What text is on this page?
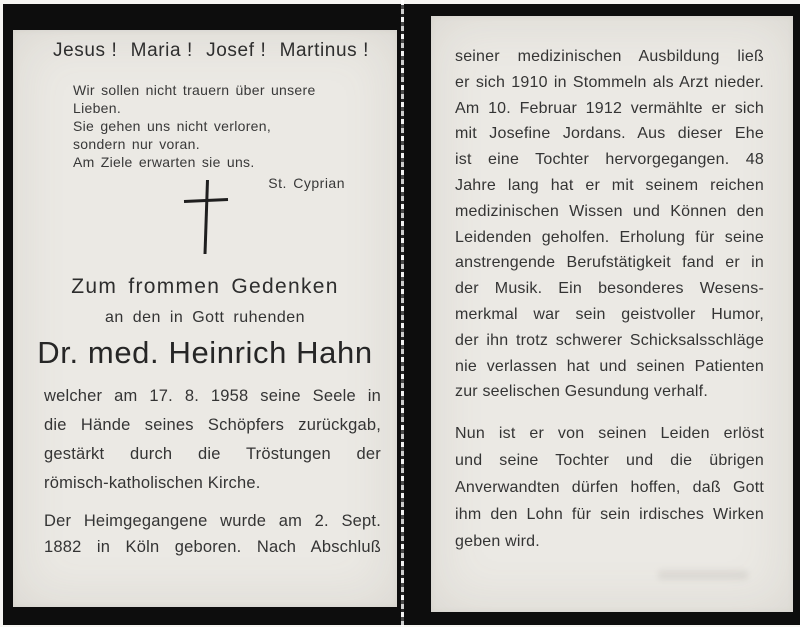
Jesus ! Maria ! Josef ! Martinus !
Wir sollen nicht trauern über unsere Lieben.
Sie gehen uns nicht verloren,
sondern nur voran.
Am Ziele erwarten sie uns.
St. Cyprian
Zum frommen Gedenken
an den in Gott ruhenden
Dr. med. Heinrich Hahn
welcher am 17. 8. 1958 seine Seele in
die Hände seines Schöpfers zurückgab,
gestärkt durch die Tröstungen der
römisch-katholischen Kirche.
Der Heimgegangene wurde am 2. Sept.
1882 in Köln geboren. Nach Abschluß
seiner medizinischen Ausbildung ließ
er sich 1910 in Stommeln als Arzt nieder.
Am 10. Februar 1912 vermählte er sich
mit Josefine Jordans. Aus dieser Ehe
ist eine Tochter hervorgegangen. 48
Jahre lang hat er mit seinem reichen
medizinischen Wissen und Können den
Leidenden geholfen. Erholung für seine
anstrengende Berufstätigkeit fand er in
der Musik. Ein besonderes Wesens-
merkmal war sein geistvoller Humor,
der ihn trotz schwerer Schicksalsschläge
nie verlassen hat und seinen Patienten
zur seelischen Gesundung verhalf.
Nun ist er von seinen Leiden erlöst
und seine Tochter und die übrigen
Anverwandten dürfen hoffen, daß Gott
ihm den Lohn für sein irdisches Wirken
geben wird.
